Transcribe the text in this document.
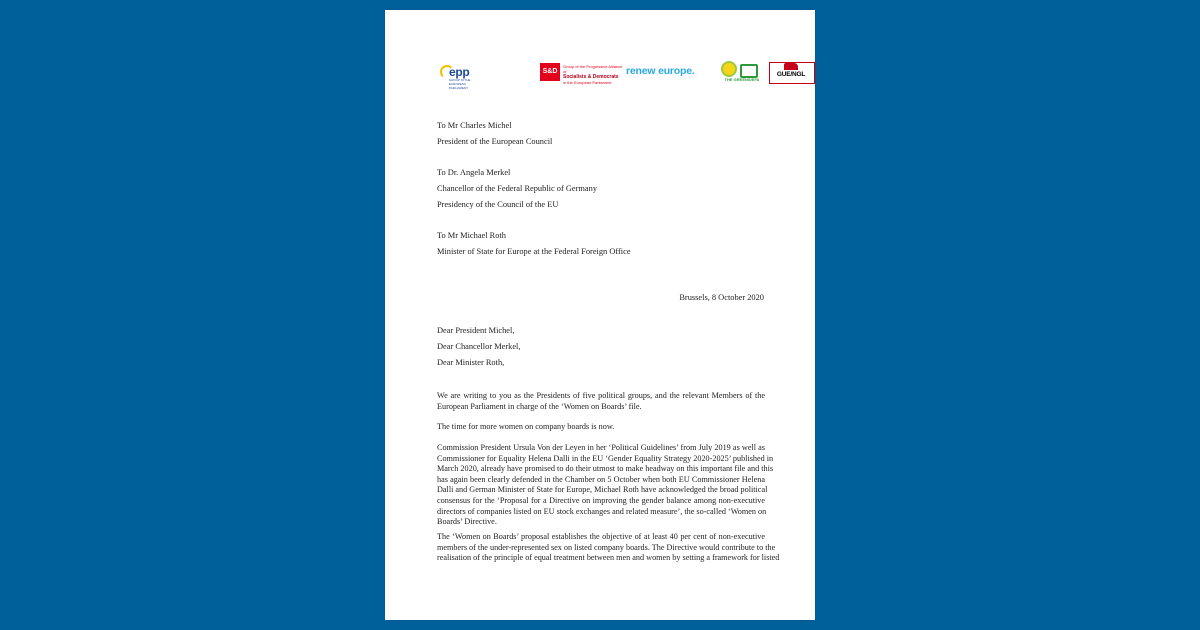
epp
GROUP IN THE EUROPEAN PARLIAMENT
S&D
Group of the Progressive Alliance of
Socialists & Democrats
in the European Parliament
renew europe.
THE GREENS/EFA
GUE/NGL
To Mr Charles Michel
President of the European Council
To Dr. Angela Merkel
Chancellor of the Federal Republic of Germany
Presidency of the Council of the EU
To Mr Michael Roth
Minister of State for Europe at the Federal Foreign Office
Brussels, 8 October 2020
Dear President Michel,
Dear Chancellor Merkel,
Dear Minister Roth,
We are writing to you as the Presidents of five political groups, and the relevant Members of the
European Parliament in charge of the ‘Women on Boards’ file.
The time for more women on company boards is now.
Commission President Ursula Von der Leyen in her ‘Political Guidelines’ from July 2019 as well as
Commissioner for Equality Helena Dalli in the EU ‘Gender Equality Strategy 2020-2025’ published in
March 2020, already have promised to do their utmost to make headway on this important file and this
has again been clearly defended in the Chamber on 5 October when both EU Commissioner Helena
Dalli and German Minister of State for Europe, Michael Roth have acknowledged the broad political
consensus for the ‘Proposal for a Directive on improving the gender balance among non-executive
directors of companies listed on EU stock exchanges and related measure’, the so-called ‘Women on
Boards’ Directive.
The ‘Women on Boards’ proposal establishes the objective of at least 40 per cent of non-executive
members of the under-represented sex on listed company boards. The Directive would contribute to the
realisation of the principle of equal treatment between men and women by setting a framework for listed
